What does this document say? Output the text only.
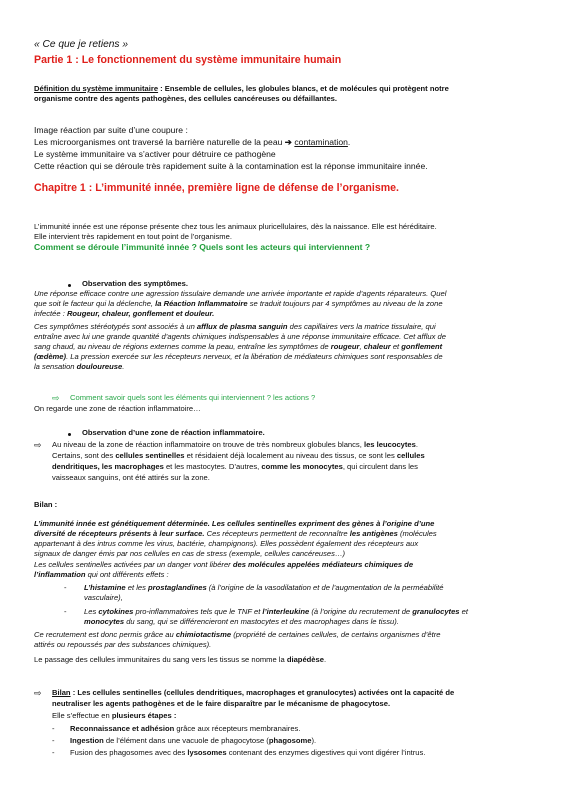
« Ce que je retiens »
Partie 1 : Le fonctionnement du système immunitaire humain
Définition du système immunitaire : Ensemble de cellules, les globules blancs, et de molécules qui protègent notre
organisme contre des agents pathogènes, des cellules cancéreuses ou défaillantes.
Image réaction par suite d’une coupure :
Les microorganismes ont traversé la barrière naturelle de la peau ➔ contamination.
Le système immunitaire va s’activer pour détruire ce pathogène
Cette réaction qui se déroule très rapidement suite à la contamination est la réponse immunitaire innée.
Chapitre 1 : L’immunité innée, première ligne de défense de l’organisme.
L’immunité innée est une réponse présente chez tous les animaux pluricellulaires, dès la naissance. Elle est héréditaire.
Elle intervient très rapidement en tout point de l’organisme.
Comment se déroule l’immunité innée ? Quels sont les acteurs qui interviennent ?
Observation des symptômes.
Une réponse efficace contre une agression tissulaire demande une arrivée importante et rapide d’agents réparateurs. Quel
que soit le facteur qui la déclenche, la Réaction Inflammatoire se traduit toujours par 4 symptômes au niveau de la zone
infectée : Rougeur, chaleur, gonflement et douleur.
Ces symptômes stéréotypés sont associés à un afflux de plasma sanguin des capillaires vers la matrice tissulaire, qui
entraîne avec lui une grande quantité d’agents chimiques indispensables à une réponse immunitaire efficace. Cet afflux de
sang chaud, au niveau de régions externes comme la peau, entraîne les symptômes de rougeur, chaleur et gonflement
(œdème). La pression exercée sur les récepteurs nerveux, et la libération de médiateurs chimiques sont responsables de
la sensation douloureuse.
⇨ Comment savoir quels sont les éléments qui interviennent ? les actions ?
On regarde une zone de réaction inflammatoire…
Observation d’une zone de réaction inflammatoire.
⇨ Au niveau de la zone de réaction inflammatoire on trouve de très nombreux globules blancs, les leucocytes.
Certains, sont des cellules sentinelles et résidaient déjà localement au niveau des tissus, ce sont les cellules
dendritiques, les macrophages et les mastocytes. D’autres, comme les monocytes, qui circulent dans les
vaisseaux sanguins, ont été attirés sur la zone.
Bilan :
L’immunité innée est génétiquement déterminée. Les cellules sentinelles expriment des gènes à l’origine d’une
diversité de récepteurs présents à leur surface. Ces récepteurs permettent de reconnaître les antigènes (molécules
appartenant à des intrus comme les virus, bactérie, champignons). Elles possèdent également des récepteurs aux
signaux de danger émis par nos cellules en cas de stress (exemple, cellules cancéreuses…)
Les cellules sentinelles activées par un danger vont libérer des molécules appelées médiateurs chimiques de
l’inflammation qui ont différents effets :
- L’histamine et les prostaglandines (à l’origine de la vasodilatation et de l’augmentation de la perméabilité
vasculaire),
- Les cytokines pro-inflammatoires tels que le TNF et l’interleukine (à l’origine du recrutement de granulocytes et
monocytes du sang, qui se différencieront en mastocytes et des macrophages dans le tissu).
Ce recrutement est donc permis grâce au chimiotactisme (propriété de certaines cellules, de certains organismes d’être
attirés ou repoussés par des substances chimiques).
Le passage des cellules immunitaires du sang vers les tissus se nomme la diapédèse.
⇨ Bilan : Les cellules sentinelles (cellules dendritiques, macrophages et granulocytes) activées ont la capacité de
neutraliser les agents pathogènes et de le faire disparaître par le mécanisme de phagocytose.
Elle s’effectue en plusieurs étapes :
- Reconnaissance et adhésion grâce aux récepteurs membranaires.
- Ingestion de l’élément dans une vacuole de phagocytose (phagosome).
- Fusion des phagosomes avec des lysosomes contenant des enzymes digestives qui vont digérer l’intrus.
